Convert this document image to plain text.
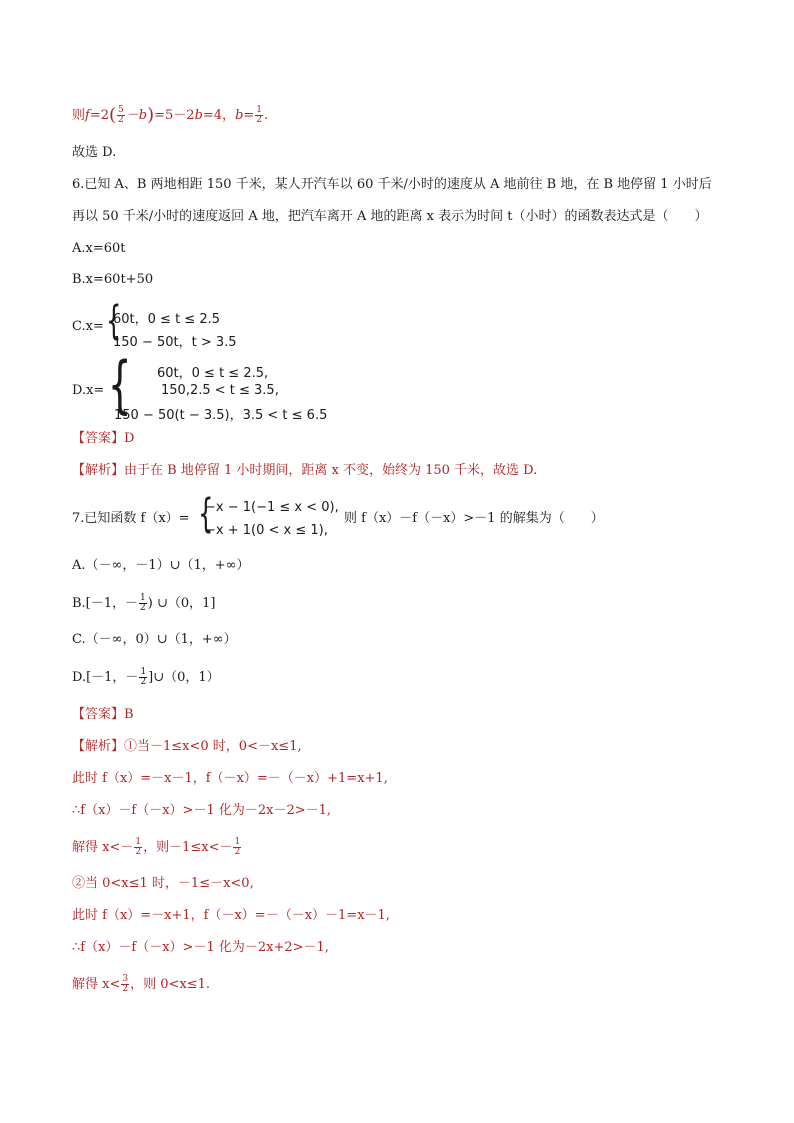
则$f=2( \frac{5}{2} -b)=5-2b=4$，$b= \frac{1}{2}$ .
故选 D.
6.已知 A、B 两地相距 150 千米，某人开汽车以 60 千米/小时的速度从 A 地前往 B 地，在 B 地停留 1 小时后
再以 50 千米/小时的速度返回 A 地，把汽车离开 A 地的距离 x 表示为时间 t（小时）的函数表达式是（　　）
A.x=60t
B.x=60t+50
C.x= {
60t，0 ≤ t ≤ 2.5
150 − 50t，t > 3.5
D.x= { 60t，0 ≤ t ≤ 2.5,
150,2.5 < t ≤ 3.5,
150 − 50(t − 3.5)，3.5 < t ≤ 6.5
【答案】D
【解析】由于在 B 地停留 1 小时期间，距离 x 不变，始终为 150 千米，故选 D.
7.已知函数 f（x）= {
−x − 1(−1 ≤ x < 0),
−x + 1(0 < x ≤ 1),
则 f（x）－f（－x）>－1 的解集为（　　）
A.（－∞，－1）∪（1，+∞）
B.[－1，－ $\frac{1}{2}$ ) ∪（0，1]
C.（－∞，0）∪（1，+∞）
D.[－1，－ $\frac{1}{2}$ ]∪（0，1）
【答案】B
【解析】①当－1≤x<0 时，0<－x≤1,
此时 f（x）=－x－1，f（－x）=－（－x）+1=x+1,
∴f（x）－f（－x）>－1 化为－2x－2>－1,
解得 $x<- \frac{1}{2}$ ，则$-1\le x<- \frac{1}{2}$
②当 0<x≤1 时，－1≤－x<0,
此时 f（x）=－x+1，f（－x）=－（－x）－1=x－1,
∴f（x）－f（－x）>－1 化为－2x+2>－1,
解得 $x< \frac{3}{2}$ ，则 0<x≤1.
